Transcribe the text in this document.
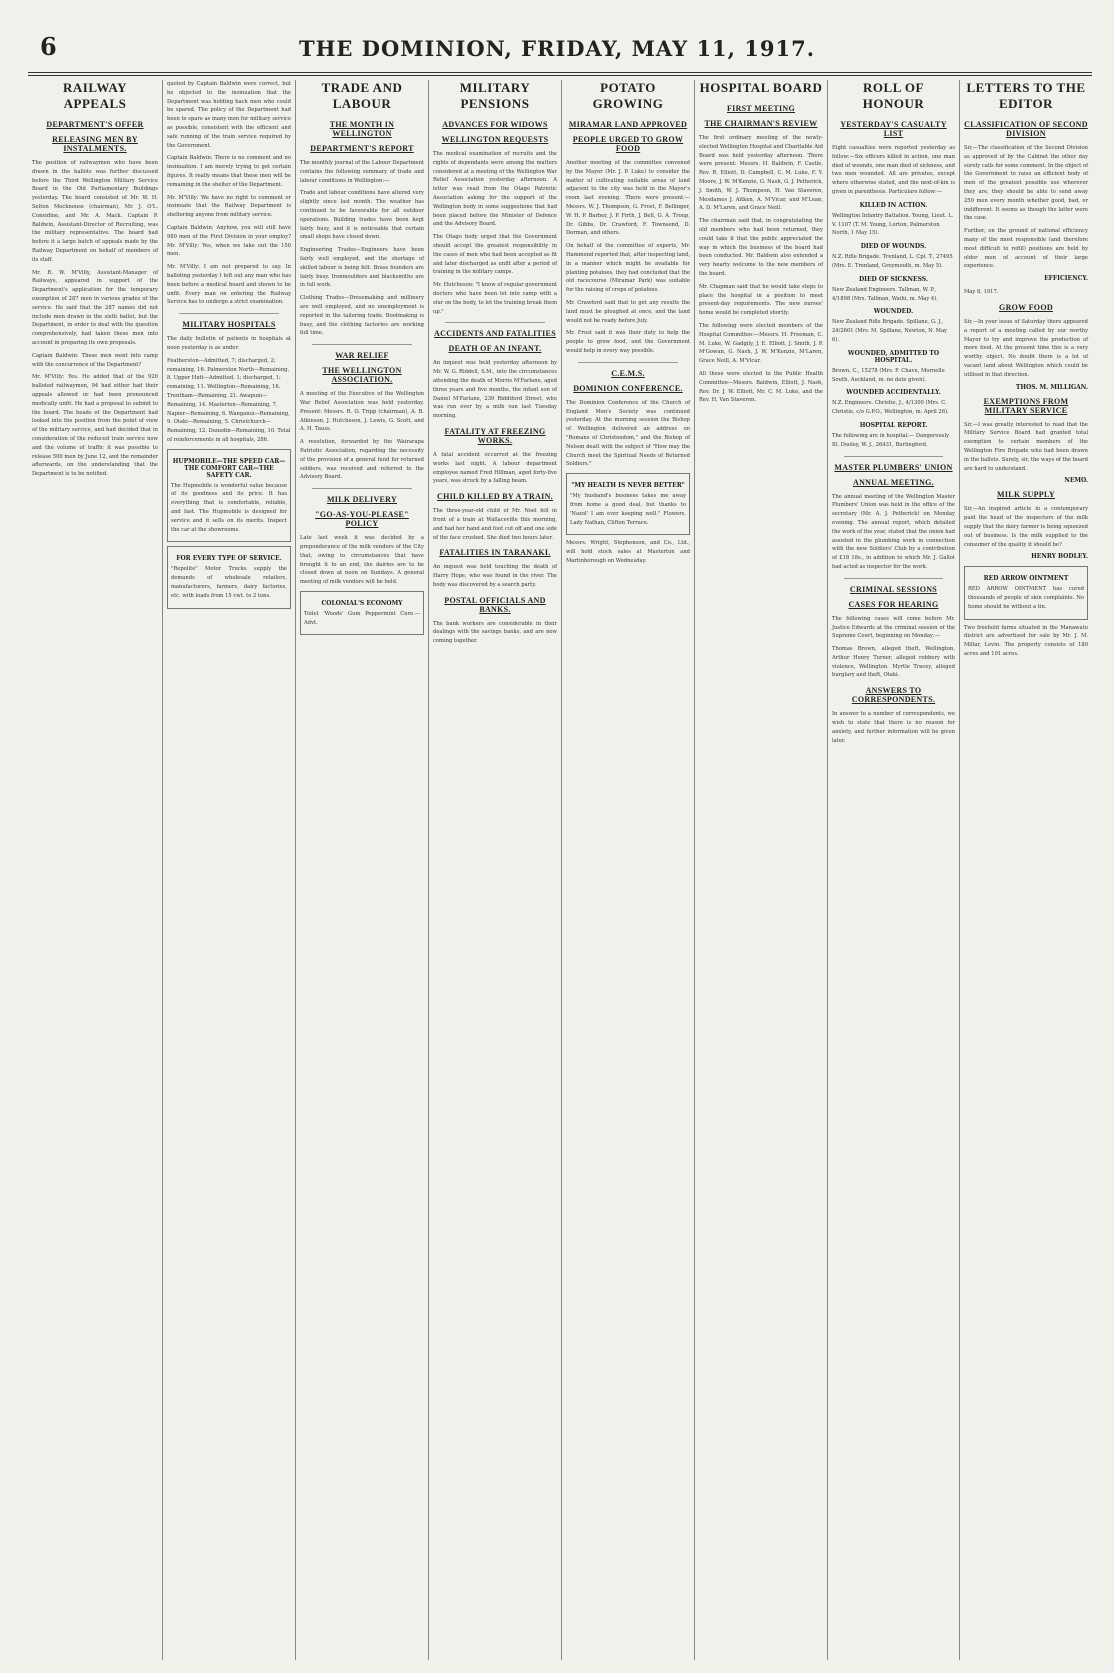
6	THE DOMINION, FRIDAY, MAY 11, 1917.
RAILWAY APPEALS
DEPARTMENT'S OFFER
RELEASING MEN BY INSTALMENTS.

The position of railwaymen who have been drawn in the ballots was further discussed before the Third Wellington Military Service Board in the Old Parliamentary Buildings yesterday. The board consisted of Mr. W. H. Selton Mocknouse (chairman), Mr. J. O'L. Considine, and Mr. A. Mack. Captain P. Baldwin, Assistant-Director of Recruiting, was the military representative. The board had before it a large batch of appeals made by the Railway Department on behalf of members of its staff.

Mr. R. W. M'Villy, Assistant-Manager of Railways, appeared in support of the Department's application for the temporary exemption of 287 men in various grades of the service. He said that the 287 names did not include men drawn in the sixth ballot, but the Department, in order to deal with the question comprehensively, had taken these men into account in preparing its own proposals.

Captain Baldwin: These men went into camp with the concurrence of the Department?

Mr. M'Villy: Yes. He added that of the 926 balloted railwaymen, 94 had either had their appeals allowed or had been pronounced medically unfit. He had a proposal to submit to the board. The heads of the Department had looked into the position from the point of view of the military service, and had decided that in consideration of the reduced train service now and the volume of traffic it was possible to release 500 men by June 12, and the remainder afterwards, on the understanding that the Department is to be notified.

quoted by Captain Baldwin were correct, but he objected to the insinuation that the Department was holding back men who could be spared. The policy of the Department had been to spare as many men for military service as possible, consistent with the efficient and safe running of the train service required by the Government.

Captain Baldwin: There is no comment and no insinuation. I am merely trying to get certain figures. It really means that these men will be remaining in the shelter of the Department.

Mr. M'Villy: We have no right to comment or insinuate that the Railway Department is sheltering anyone from military service.

Captain Baldwin: Anyhow, you will still have 980 men of the First Division in your employ? Mr. M'Villy: Yes, when we take out the 150 men.

Mr. M'Villy: I am not prepared to say. In balloting yesterday I left out any man who has been before a medical board and shown to be unfit. Every man on entering the Railway Service has to undergo a strict examination.

MILITARY HOSPITALS

The daily bulletin of patients in hospitals at noon yesterday is as under:

Featherston—Admitted, 7; discharged, 2; remaining, 16. Palmerston North—Remaining, 8. Upper Hutt—Admitted, 1; discharged, 1; remaining, 11. Wellington—Remaining, 16. Trentham—Remaining, 21. Awapuni—Remaining, 14. Masterton—Remaining, 7. Napier—Remaining, 6. Wanganui—Remaining, 9. Otaki—Remaining, 5. Christchurch—Remaining, 12. Dunedin—Remaining, 10. Total of reinforcements in all hospitals, 286.

HUPMOBILE—THE SPEED CAR—THE COMFORT CAR—THE SAFETY CAR.

The Hupmobile is wonderful value because of its goodness and its price. It has everything that is comfortable, reliable, and fast. The Hupmobile is designed for service and it sells on its merits. Inspect the car at the showrooms.

FOR EVERY TYPE OF SERVICE.

"Repolite" Motor Trucks supply the demands of wholesale retailers, manufacturers, farmers, dairy factories, etc. with loads from 15 cwt. to 2 tons.

TRADE AND LABOUR
THE MONTH IN WELLINGTON
DEPARTMENT'S REPORT

The monthly journal of the Labour Department contains the following summary of trade and labour conditions in Wellington:—

Trade and labour conditions have altered very slightly since last month. The weather has continued to be favourable for all outdoor operations. Building trades have been kept fairly busy, and it is noticeable that certain small shops have closed down.

Engineering Trades—Engineers have been fairly well employed, and the shortage of skilled labour is being felt. Brass founders are fairly busy. Ironmoulders and blacksmiths are in full work.

Clothing Trades—Dressmaking and millinery are well employed, and no unemployment is reported in the tailoring trade. Bootmaking is busy, and the clothing factories are working full time.

WAR RELIEF
THE WELLINGTON ASSOCIATION.

A meeting of the Executive of the Wellington War Relief Association was held yesterday. Present: Messrs. R. O. Tripp (chairman), A. B. Atkinson, J. Hutcheson, J. Lewis, G. Scott, and A. H. Tauss.

A resolution, forwarded by the Wairarapa Patriotic Association, regarding the necessity of the provision of a general fund for returned soldiers, was received and referred to the Advisory Board.

MILK DELIVERY
"GO-AS-YOU-PLEASE" POLICY

Late last week it was decided by a preponderance of the milk vendors of the City that, owing to circumstances that have brought it to an end, the dairies are to be closed down at noon on Sundays. A general meeting of milk vendors will be held.

COLONIAL'S ECONOMY

Toilet 'Woods' Gum Peppermint Cure.—Advt.

MILITARY PENSIONS
ADVANCES FOR WIDOWS
WELLINGTON REQUESTS

The medical examination of recruits and the rights of dependants were among the matters considered at a meeting of the Wellington War Relief Association yesterday afternoon. A letter was read from the Otago Patriotic Association asking for the support of the Wellington body in some suggestions that had been placed before the Minister of Defence and the Advisory Board.

The Otago body urged that the Government should accept the greatest responsibility in the cases of men who had been accepted as fit and later discharged as unfit after a period of training in the military camps.

Mr. Hutcheson: "I know of regular government doctors who have been let into camp with a slur on the body, to let the training break them up."

ACCIDENTS AND FATALITIES
DEATH OF AN INFANT.

An inquest was held yesterday afternoon by Mr. W. G. Riddell, S.M., into the circumstances attending the death of Morris M'Farlane, aged three years and five months, the infant son of Daniel M'Farlane, 239 Riddiford Street, who was run over by a milk van last Tuesday morning.

FATALITY AT FREEZING WORKS.

A fatal accident occurred at the freezing works last night. A labour department employee named Fred Hillman, aged forty-five years, was struck by a falling beam.

CHILD KILLED BY A TRAIN.

The three-year-old child of Mr. Noel fell in front of a train at Wallaceville this morning, and had her hand and foot cut off and one side of the face crushed. She died two hours later.

FATALITIES IN TARANAKI.

An inquest was held touching the death of Harry Hope, who was found in the river. The body was discovered by a search party.

POSTAL OFFICIALS AND BANKS.

The bank workers are considerable in their dealings with the savings banks, and are now coming together.

POTATO GROWING
MIRAMAR LAND APPROVED
PEOPLE URGED TO GROW FOOD

Another meeting of the committee convened by the Mayor (Mr. J. P. Luke) to consider the matter of cultivating suitable areas of land adjacent to the city was held in the Mayor's room last evening. There were present:—Messrs. W. J. Thompson, G. Frost, F. Bellinger, W. H. P. Barber, J. P. Firth, J. Bell, G. A. Troup, Dr. Gibbs, Dr. Crawford, F. Townsend, D. Dorman, and others.

On behalf of the committee of experts, Mr. Hammond reported that, after inspecting land, in a manner which might be available for planting potatoes, they had concluded that the old racecourse (Miramar Park) was suitable for the raising of crops of potatoes.

Mr. Crawford said that to get any results the land must be ploughed at once, and the land would not be ready before July.

Mr. Frost said it was their duty to help the people to grow food, and the Government would help in every way possible.

C.E.M.S.
DOMINION CONFERENCE.

The Dominion Conference of the Church of England Men's Society was continued yesterday. At the morning session the Bishop of Wellington delivered an address on "Romans of Christendom," and the Bishop of Nelson dealt with the subject of "How may the Church meet the Spiritual Needs of Returned Soldiers."

"MY HEALTH IS NEVER BETTER"

"My husband's business takes me away from home a good deal, but thanks to 'Nazol' I am ever keeping well." Flowers, Lady Nathan, Clifton Terrace.

Messrs. Wright, Stephenson, and Co., Ltd., will hold stock sales at Masterton and Martinborough on Wednesday.

HOSPITAL BOARD
FIRST MEETING
THE CHAIRMAN'S REVIEW

The first ordinary meeting of the newly-elected Wellington Hospital and Charitable Aid Board was held yesterday afternoon. There were present: Messrs. H. Baldwin, F. Castle, Rev. R. Elliott, D. Campbell, C. M. Luke, F. Y. Moore, J. W. M'Kenzie, G. Nash, G. J. Petherick, J. Smith, W. J. Thompson, H. Van Staveren, Mesdames J. Aitken, A. M'Vicar, and M'Lean, A. D. M'Laren, and Grace Neill.

The chairman said that, in congratulating the old members who had been returned, they could take it that the public appreciated the way in which the business of the board had been conducted. Mr. Baldwin also extended a very hearty welcome to the new members of the board.

Mr. Chapman said that he would take steps to place the hospital in a position to meet present-day requirements. The new nurses' home would be completed shortly.

The following were elected members of the Hospital Committee:—Messrs. H. Freeman, C. M. Luke, W. Gadgily, J. E. Elliott, J. Smith, J. P. M'Gowan, G. Nash, J. W. M'Kenzie, M'Laren, Grace Neill, A. M'Vicar.

All these were elected to the Public Health Committee—Messrs. Baldwin, Elliott, J. Nash, Rev. Dr. J. W. Elliott, Mr. C. M. Luke, and the Rev. H. Van Staveren.

ROLL OF HONOUR
YESTERDAY'S CASUALTY LIST

Eight casualties were reported yesterday as follow:—Six officers killed in action, one man died of wounds, one man died of sickness, and two men wounded. All are privates, except where otherwise stated, and the next-of-kin is given in parenthesis. Particulars follow:—

KILLED IN ACTION.

Wellington Infantry Battalion. Young, Lieut. L. V. 1107 (T. M. Young, Lorton, Palmerston North, 1 May 15).

DIED OF WOUNDS.

N.Z. Rifle Brigade. Trenland, L. Cpl. T., 27495 (Mrs. E. Trenland, Greymouth, m. May 5).

DIED OF SICKNESS.

New Zealand Engineers. Tallman, W. P., 4/1898 (Mrs. Tallman, Waihi, m. May 4).

WOUNDED.

New Zealand Rifle Brigade. Spillane, G. J., 24/2601 (Mrs. M. Spillane, Newton, N. May 6).

WOUNDED, ADMITTED TO HOSPITAL.

Brown, C., 15278 (Mrs. F. Chave, Mornelle South, Auckland, m. no date given).

WOUNDED ACCIDENTALLY.

N.Z. Engineers. Christie, J., 4/1300 (Mrs. C. Christie, c/o G.P.O., Wellington, m. April 26).

HOSPITAL REPORT.

The following are in hospital:— Dangerously Ill. Dooley, W. J., 26431, Burlingford.

MASTER PLUMBERS' UNION
ANNUAL MEETING.

The annual meeting of the Wellington Master Plumbers' Union was held in the office of the secretary (Mr. A. J. Petherick) on Monday evening. The annual report, which detailed the work of the year, stated that the union had assisted in the plumbing work in connection with the new Soldiers' Club by a contribution of £18 18s., in addition to which Mr. J. Gallot had acted as inspector for the work.

CRIMINAL SESSIONS
CASES FOR HEARING

The following cases will come before Mr. Justice Edwards at the criminal session of the Supreme Court, beginning on Monday:—

Thomas Brown, alleged theft, Wellington. Arthur Henry Turner, alleged robbery with violence, Wellington. Myrtle Tracey, alleged burglary and theft, Otaki.

ANSWERS TO CORRESPONDENTS.

In answer to a number of correspondents, we wish to state that there is no reason for anxiety, and further information will be given later.

LETTERS TO THE EDITOR
CLASSIFICATION OF SECOND DIVISION

Sir,—The classification of the Second Division as approved of by the Cabinet the other day surely calls for some comment. In the object of the Government to raise an efficient body of men of the greatest possible use wherever they are, they should be able to send away 250 men every month whether good, bad, or indifferent. It seems as though the latter were the case.

Further, on the ground of national efficiency many of the most responsible (and therefore most difficult to refill) positions are held by older men of account of their large experience.

EFFICIENCY.
May 8, 1917.
GROW FOOD

Sir,—In your issue of Saturday there appeared a report of a meeting called by our worthy Mayor to try and improve the production of more food. At the present time this is a very worthy object. No doubt there is a lot of vacant land about Wellington which could be utilised in that direction.

THOS. M. MILLIGAN.
EXEMPTIONS FROM MILITARY SERVICE

Sir,—I was greatly interested to read that the Military Service Board had granted total exemption to certain members of the Wellington Fire Brigade who had been drawn in the ballots. Surely, sir, the ways of the board are hard to understand.

NEMO.
MILK SUPPLY

Sir,—An inspired article in a contemporary paid the head of the inspectors of the milk supply that the dairy farmer is being squeezed out of business. Is the milk supplied to the consumer of the quality it should be?

HENRY BODLEY.
RED ARROW OINTMENT

RED ARROW OINTMENT has cured thousands of people of skin complaints. No home should be without a tin.

Two freehold farms situated in the Manawatu district are advertised for sale by Mr. J. M. Millar, Levin. The property consists of 180 acres and 191 acres.
